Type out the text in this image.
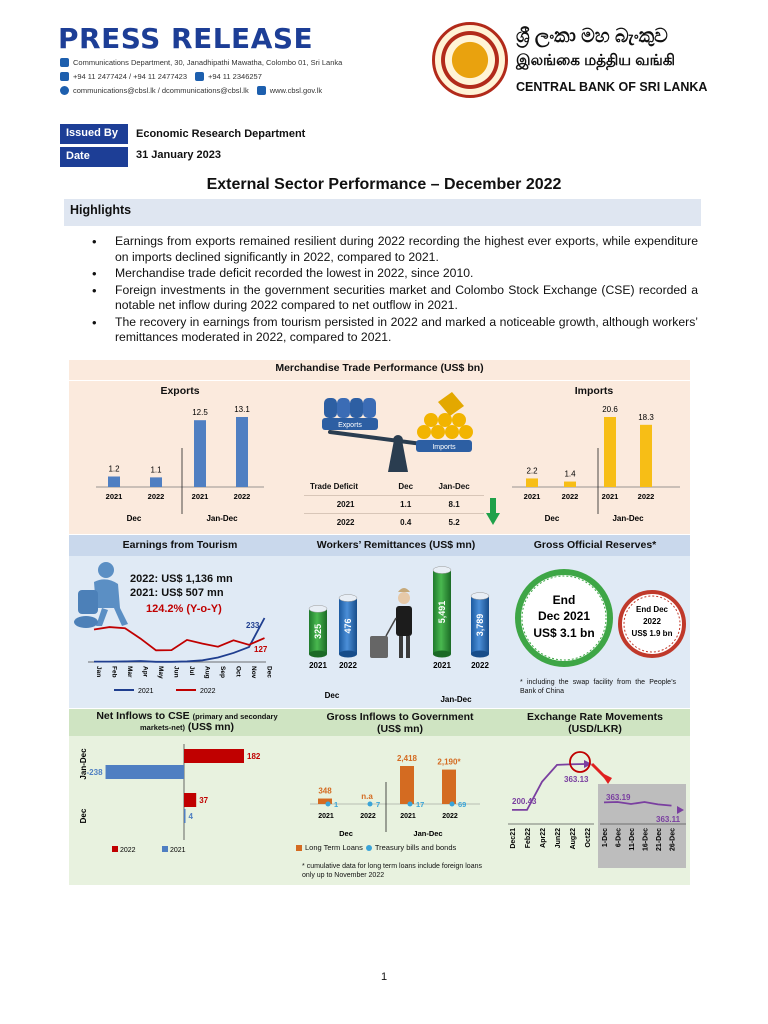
PRESS RELEASE
Communications Department, 30, Janadhipathi Mawatha, Colombo 01, Sri Lanka
+94 11 2477424 / +94 11 2477423	+94 11 2346257
communications@cbsl.lk / dcommunications@cbsl.lk	www.cbsl.gov.lk
ශ්‍රී ලංකා මහ බැංකුව
இலங்கை மத்திய வங்கி
CENTRAL BANK OF SRI LANKA
Issued By	Economic Research Department
Date	31 January 2023
External Sector Performance – December 2022
Highlights
• Earnings from exports remained resilient during 2022 recording the highest ever exports, while expenditure on imports declined significantly in 2022, compared to 2021.
• Merchandise trade deficit recorded the lowest in 2022, since 2010.
• Foreign investments in the government securities market and Colombo Stock Exchange (CSE) recorded a notable net inflow during 2022 compared to net outflow in 2021.
• The recovery in earnings from tourism persisted in 2022 and marked a noticeable growth, although workers’ remittances moderated in 2022, compared to 2021.
Merchandise Trade Performance (US$ bn)
Exports	Imports
1.2
2021
1.1
2022
12.5
2021
13.1
2022
Dec	Jan-Dec
2.2
2021
1.4
2022
20.6
2021
18.3
2022
Dec	Jan-Dec
Exports
Imports
Trade Deficit	Dec	Jan-Dec
2021	1.1	8.1
2022	0.4	5.2
Earnings from Tourism	Workers’ Remittances (US$ mn)	Gross Official Reserves*
2022: US$ 1,136 mn
2021: US$ 507 mn
124.2% (Y-o-Y)
Jan Feb Mar Apr May Jun Jul Aug Sep Oct Nov Dec
233
127
2021	2022
325
2021
476
2022
5,491
2021
3,789
2022
Dec	Jan-Dec
End
Dec 2021
US$ 3.1 bn
End Dec
2022
US$ 1.9 bn
* including the swap facility from the People’s Bank of China
Net Inflows to CSE (primary and secondary markets-net) (US$ mn)
Gross Inflows to Government
(US$ mn)
Exchange Rate Movements
(USD/LKR)
Jan-Dec
Dec
182
-238
37
4
2022	2021
348
1
2021
n.a
7
2022
2,418
17
2021
2,190*
69
2022
Dec	Jan-Dec
Long Term Loans Treasury bills and bonds
* cumulative data for long term loans include foreign loans only up to November 2022
200.43
363.13
363.19
363.11
Dec21 Feb22 Apr22 Jun22 Aug22 Oct22 1-Dec 6-Dec 11-Dec 16-Dec 21-Dec 26-Dec
1
